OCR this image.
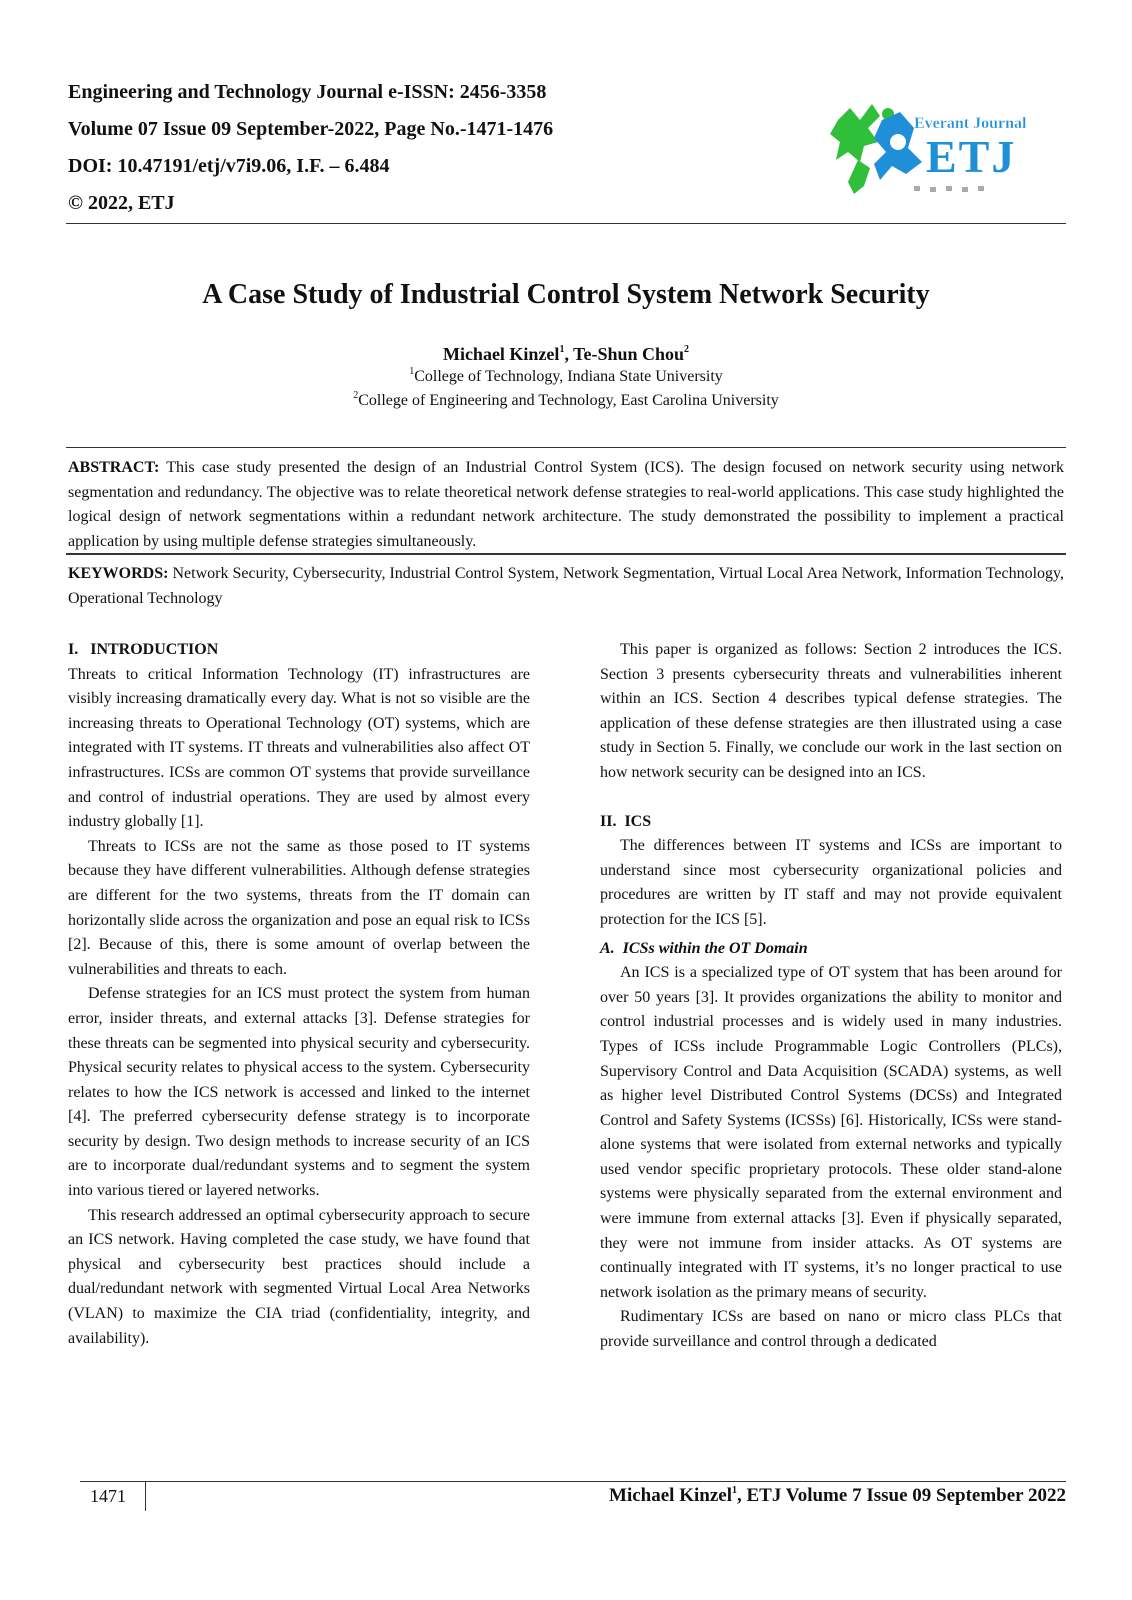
Engineering and Technology Journal e-ISSN: 2456-3358
Volume 07 Issue 09 September-2022, Page No.-1471-1476
DOI: 10.47191/etj/v7i9.06, I.F. – 6.484
© 2022, ETJ
Everant Journal
ETJ
A Case Study of Industrial Control System Network Security
Michael Kinzel$^1$, Te-Shun Chou$^2$
$^1$College of Technology, Indiana State University
$^2$College of Engineering and Technology, East Carolina University
ABSTRACT: This case study presented the design of an Industrial Control System (ICS). The design focused on network security using network segmentation and redundancy. The objective was to relate theoretical network defense strategies to real-world applications. This case study highlighted the logical design of network segmentations within a redundant network architecture. The study demonstrated the possibility to implement a practical application by using multiple defense strategies simultaneously.
KEYWORDS: Network Security, Cybersecurity, Industrial Control System, Network Segmentation, Virtual Local Area Network, Information Technology, Operational Technology
I.   INTRODUCTION

Threats to critical Information Technology (IT) infrastructures are visibly increasing dramatically every day. What is not so visible are the increasing threats to Operational Technology (OT) systems, which are integrated with IT systems. IT threats and vulnerabilities also affect OT infrastructures. ICSs are common OT systems that provide surveillance and control of industrial operations. They are used by almost every industry globally [1].

Threats to ICSs are not the same as those posed to IT systems because they have different vulnerabilities. Although defense strategies are different for the two systems, threats from the IT domain can horizontally slide across the organization and pose an equal risk to ICSs [2]. Because of this, there is some amount of overlap between the vulnerabilities and threats to each.

Defense strategies for an ICS must protect the system from human error, insider threats, and external attacks [3]. Defense strategies for these threats can be segmented into physical security and cybersecurity. Physical security relates to physical access to the system. Cybersecurity relates to how the ICS network is accessed and linked to the internet [4]. The preferred cybersecurity defense strategy is to incorporate security by design. Two design methods to increase security of an ICS are to incorporate dual/redundant systems and to segment the system into various tiered or layered networks.

This research addressed an optimal cybersecurity approach to secure an ICS network. Having completed the case study, we have found that physical and cybersecurity best practices should include a dual/redundant network with segmented Virtual Local Area Networks (VLAN) to maximize the CIA triad (confidentiality, integrity, and availability).

This paper is organized as follows: Section 2 introduces the ICS. Section 3 presents cybersecurity threats and vulnerabilities inherent within an ICS. Section 4 describes typical defense strategies. The application of these defense strategies are then illustrated using a case study in Section 5. Finally, we conclude our work in the last section on how network security can be designed into an ICS.

II.  ICS

The differences between IT systems and ICSs are important to understand since most cybersecurity organizational policies and procedures are written by IT staff and may not provide equivalent protection for the ICS [5].

A.  ICSs within the OT Domain

An ICS is a specialized type of OT system that has been around for over 50 years [3]. It provides organizations the ability to monitor and control industrial processes and is widely used in many industries. Types of ICSs include Programmable Logic Controllers (PLCs), Supervisory Control and Data Acquisition (SCADA) systems, as well as higher level Distributed Control Systems (DCSs) and Integrated Control and Safety Systems (ICSSs) [6]. Historically, ICSs were stand-alone systems that were isolated from external networks and typically used vendor specific proprietary protocols. These older stand-alone systems were physically separated from the external environment and were immune from external attacks [3]. Even if physically separated, they were not immune from insider attacks. As OT systems are continually integrated with IT systems, it’s no longer practical to use network isolation as the primary means of security.

Rudimentary ICSs are based on nano or micro class PLCs that provide surveillance and control through a dedicated

1471	Michael Kinzel$^1$, ETJ Volume 7 Issue 09 September 2022
